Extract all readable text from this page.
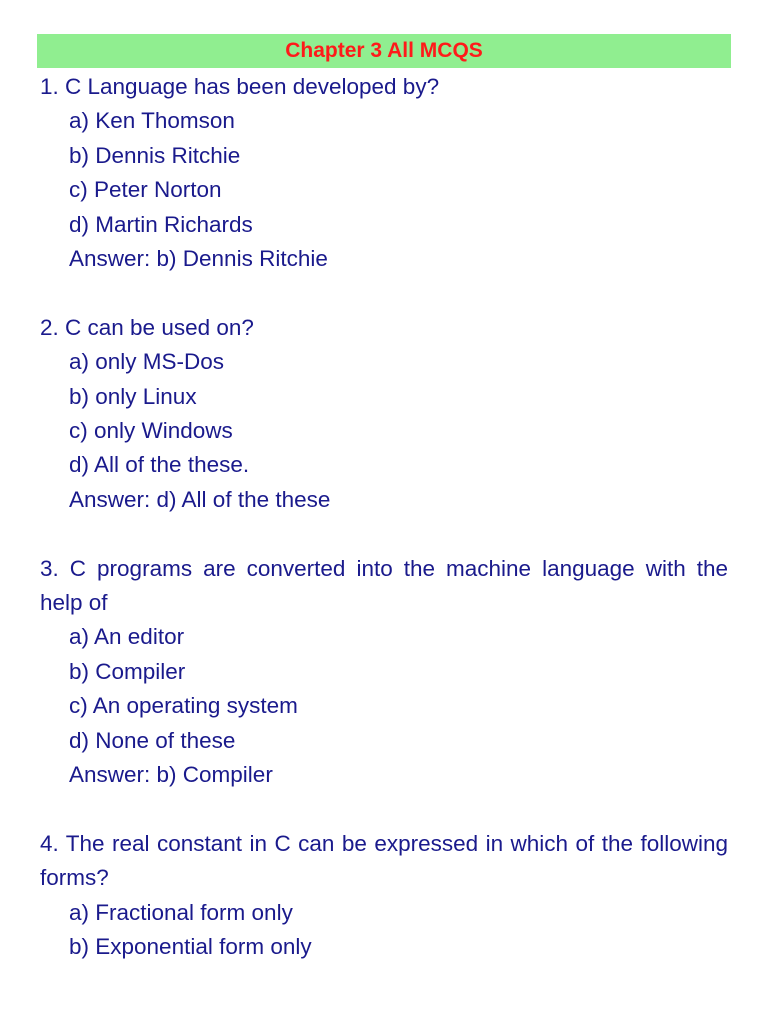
Chapter 3 All MCQS

1. C Language has been developed by?

a) Ken Thomson

b) Dennis Ritchie

c) Peter Norton

d) Martin Richards

Answer: b) Dennis Ritchie

2. C can be used on?

a) only MS-Dos

b) only Linux

c) only Windows

d) All of the these.

Answer: d) All of the these

3. C programs are converted into the machine language with the help of

a) An editor

b) Compiler

c) An operating system

d) None of these

Answer: b) Compiler

4. The real constant in C can be expressed in which of the following forms?

a) Fractional form only

b) Exponential form only
